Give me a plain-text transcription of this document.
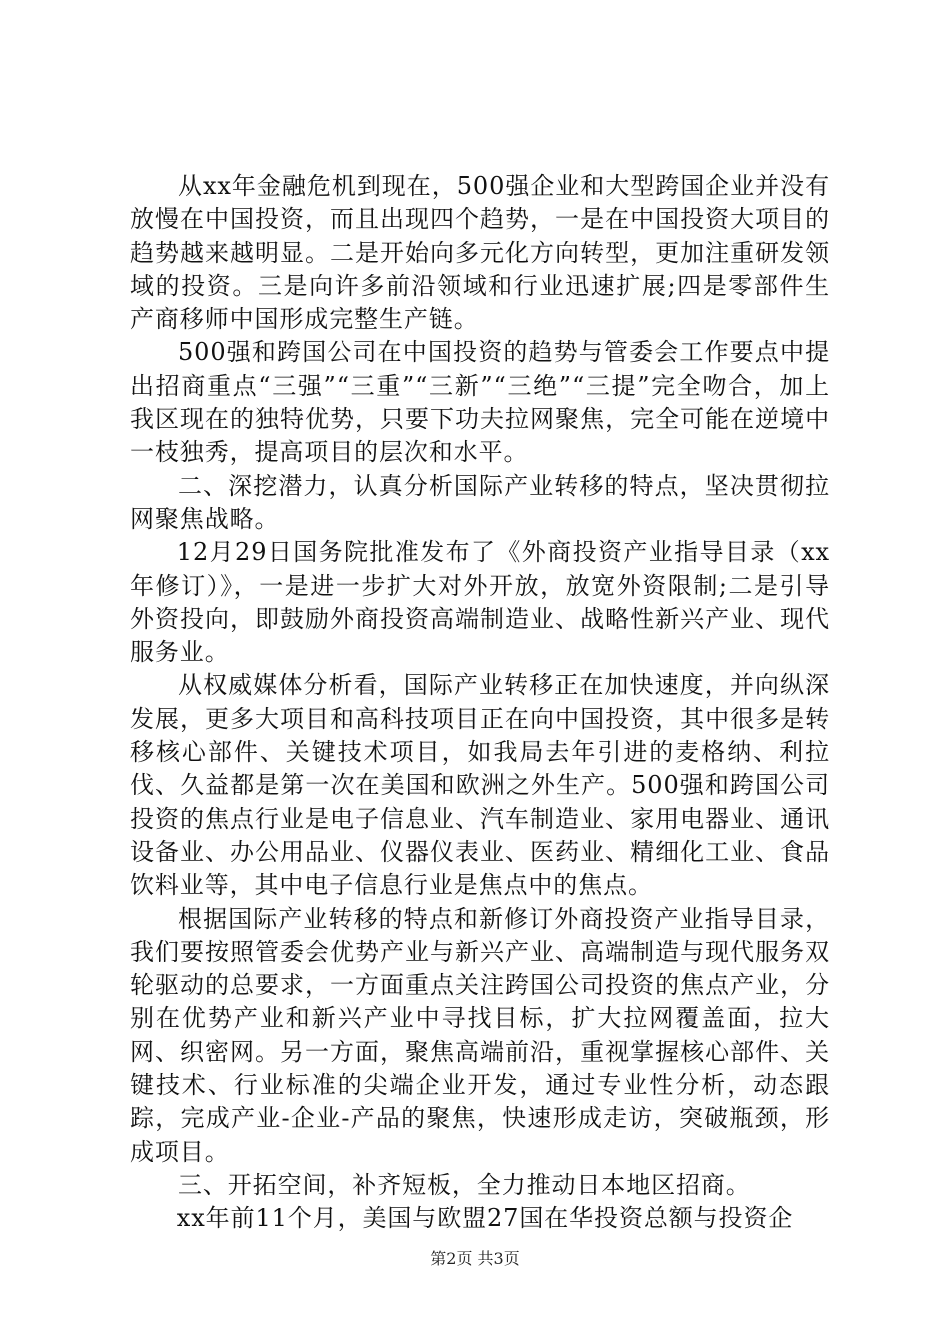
从xx年金融危机到现在，500强企业和大型跨国企业并没有放慢在中国投资，而且出现四个趋势，一是在中国投资大项目的趋势越来越明显。二是开始向多元化方向转型，更加注重研发领域的投资。三是向许多前沿领域和行业迅速扩展;四是零部件生产商移师中国形成完整生产链。

500强和跨国公司在中国投资的趋势与管委会工作要点中提出招商重点“三强”“三重”“三新”“三绝”“三提”完全吻合，加上我区现在的独特优势，只要下功夫拉网聚焦，完全可能在逆境中一枝独秀，提高项目的层次和水平。

二、深挖潜力，认真分析国际产业转移的特点，坚决贯彻拉网聚焦战略。

12月29日国务院批准发布了《外商投资产业指导目录（xx年修订）》，一是进一步扩大对外开放，放宽外资限制;二是引导外资投向，即鼓励外商投资高端制造业、战略性新兴产业、现代服务业。

从权威媒体分析看，国际产业转移正在加快速度，并向纵深发展，更多大项目和高科技项目正在向中国投资，其中很多是转移核心部件、关键技术项目，如我局去年引进的麦格纳、利拉伐、久益都是第一次在美国和欧洲之外生产。500强和跨国公司投资的焦点行业是电子信息业、汽车制造业、家用电器业、通讯设备业、办公用品业、仪器仪表业、医药业、精细化工业、食品饮料业等，其中电子信息行业是焦点中的焦点。

根据国际产业转移的特点和新修订外商投资产业指导目录，我们要按照管委会优势产业与新兴产业、高端制造与现代服务双轮驱动的总要求，一方面重点关注跨国公司投资的焦点产业，分别在优势产业和新兴产业中寻找目标，扩大拉网覆盖面，拉大网、织密网。另一方面，聚焦高端前沿，重视掌握核心部件、关键技术、行业标准的尖端企业开发，通过专业性分析，动态跟踪，完成产业-企业-产品的聚焦，快速形成走访，突破瓶颈，形成项目。

三、开拓空间，补齐短板，全力推动日本地区招商。

xx年前11个月，美国与欧盟27国在华投资总额与投资企

第2页 共3页
